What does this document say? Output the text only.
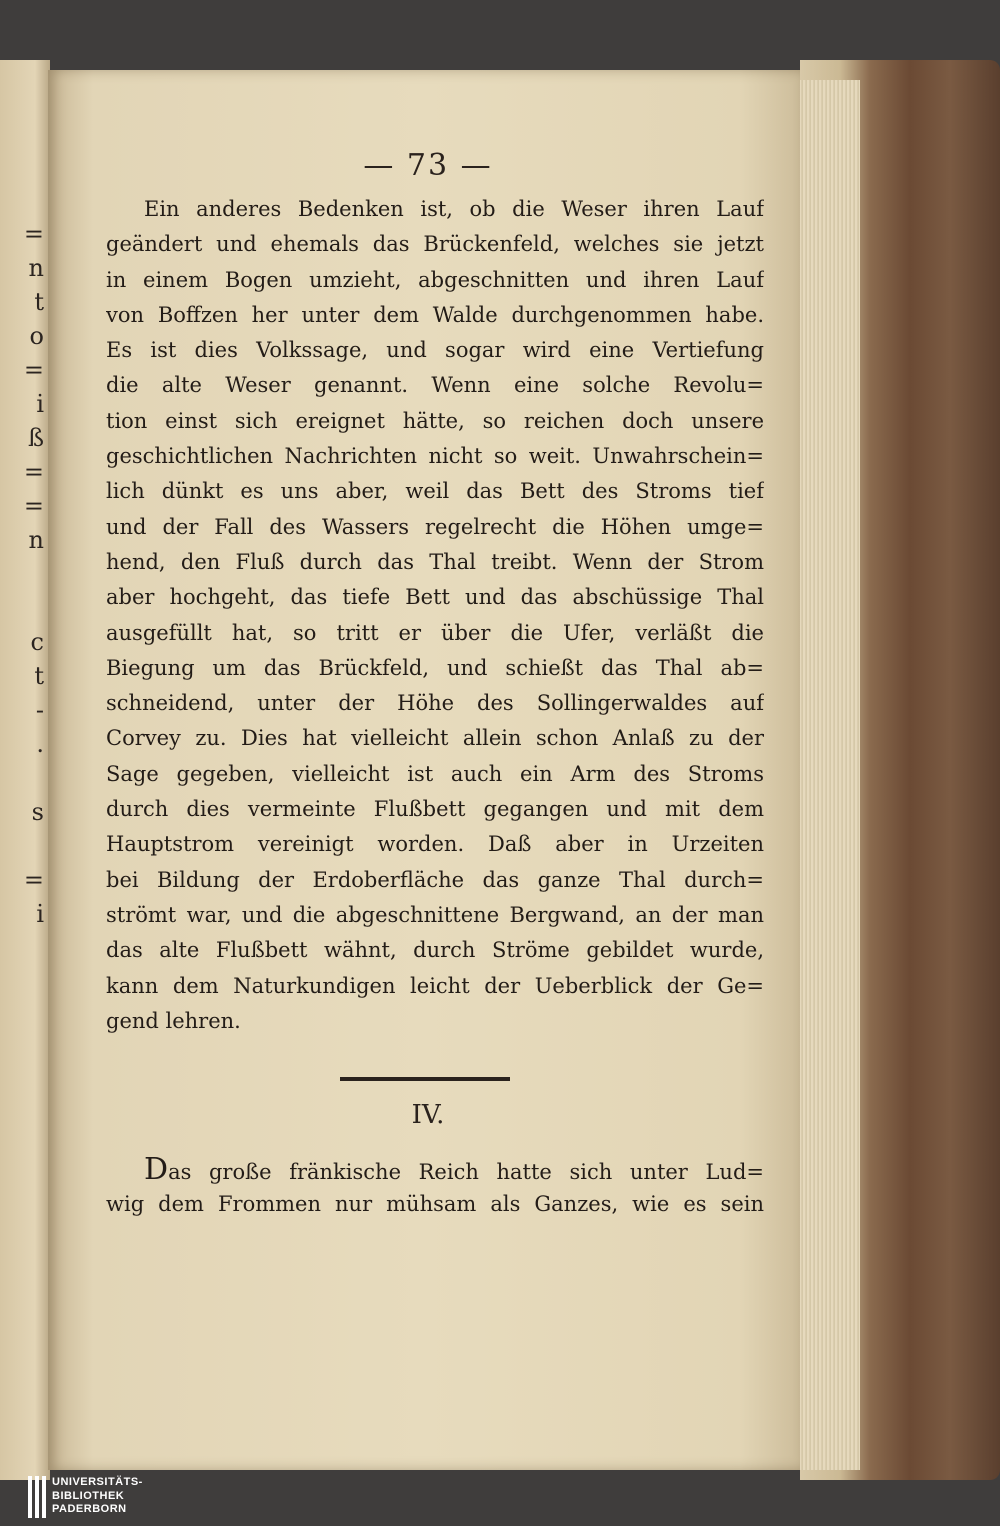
=
n
t
o
=
i
ß
=
=
n
c
t
-
.
s
=
i
— 73 —
Ein anderes Bedenken ist, ob die Weser ihren Lauf
geändert und ehemals das Brückenfeld, welches sie jetzt
in einem Bogen umzieht, abgeschnitten und ihren Lauf
von Boffzen her unter dem Walde durchgenommen habe.
Es ist dies Volkssage, und sogar wird eine Vertiefung
die alte Weser genannt. Wenn eine solche Revolu=
tion einst sich ereignet hätte, so reichen doch unsere
geschichtlichen Nachrichten nicht so weit. Unwahrschein=
lich dünkt es uns aber, weil das Bett des Stroms tief
und der Fall des Wassers regelrecht die Höhen umge=
hend, den Fluß durch das Thal treibt. Wenn der Strom
aber hochgeht, das tiefe Bett und das abschüssige Thal
ausgefüllt hat, so tritt er über die Ufer, verläßt die
Biegung um das Brückfeld, und schießt das Thal ab=
schneidend, unter der Höhe des Sollingerwaldes auf
Corvey zu. Dies hat vielleicht allein schon Anlaß zu der
Sage gegeben, vielleicht ist auch ein Arm des Stroms
durch dies vermeinte Flußbett gegangen und mit dem
Hauptstrom vereinigt worden. Daß aber in Urzeiten
bei Bildung der Erdoberfläche das ganze Thal durch=
strömt war, und die abgeschnittene Bergwand, an der man
das alte Flußbett wähnt, durch Ströme gebildet wurde,
kann dem Naturkundigen leicht der Ueberblick der Ge=
gend lehren.
IV.
Das große fränkische Reich hatte sich unter Lud=
wig dem Frommen nur mühsam als Ganzes, wie es sein
UNIVERSITÄTS-
BIBLIOTHEK
PADERBORN
